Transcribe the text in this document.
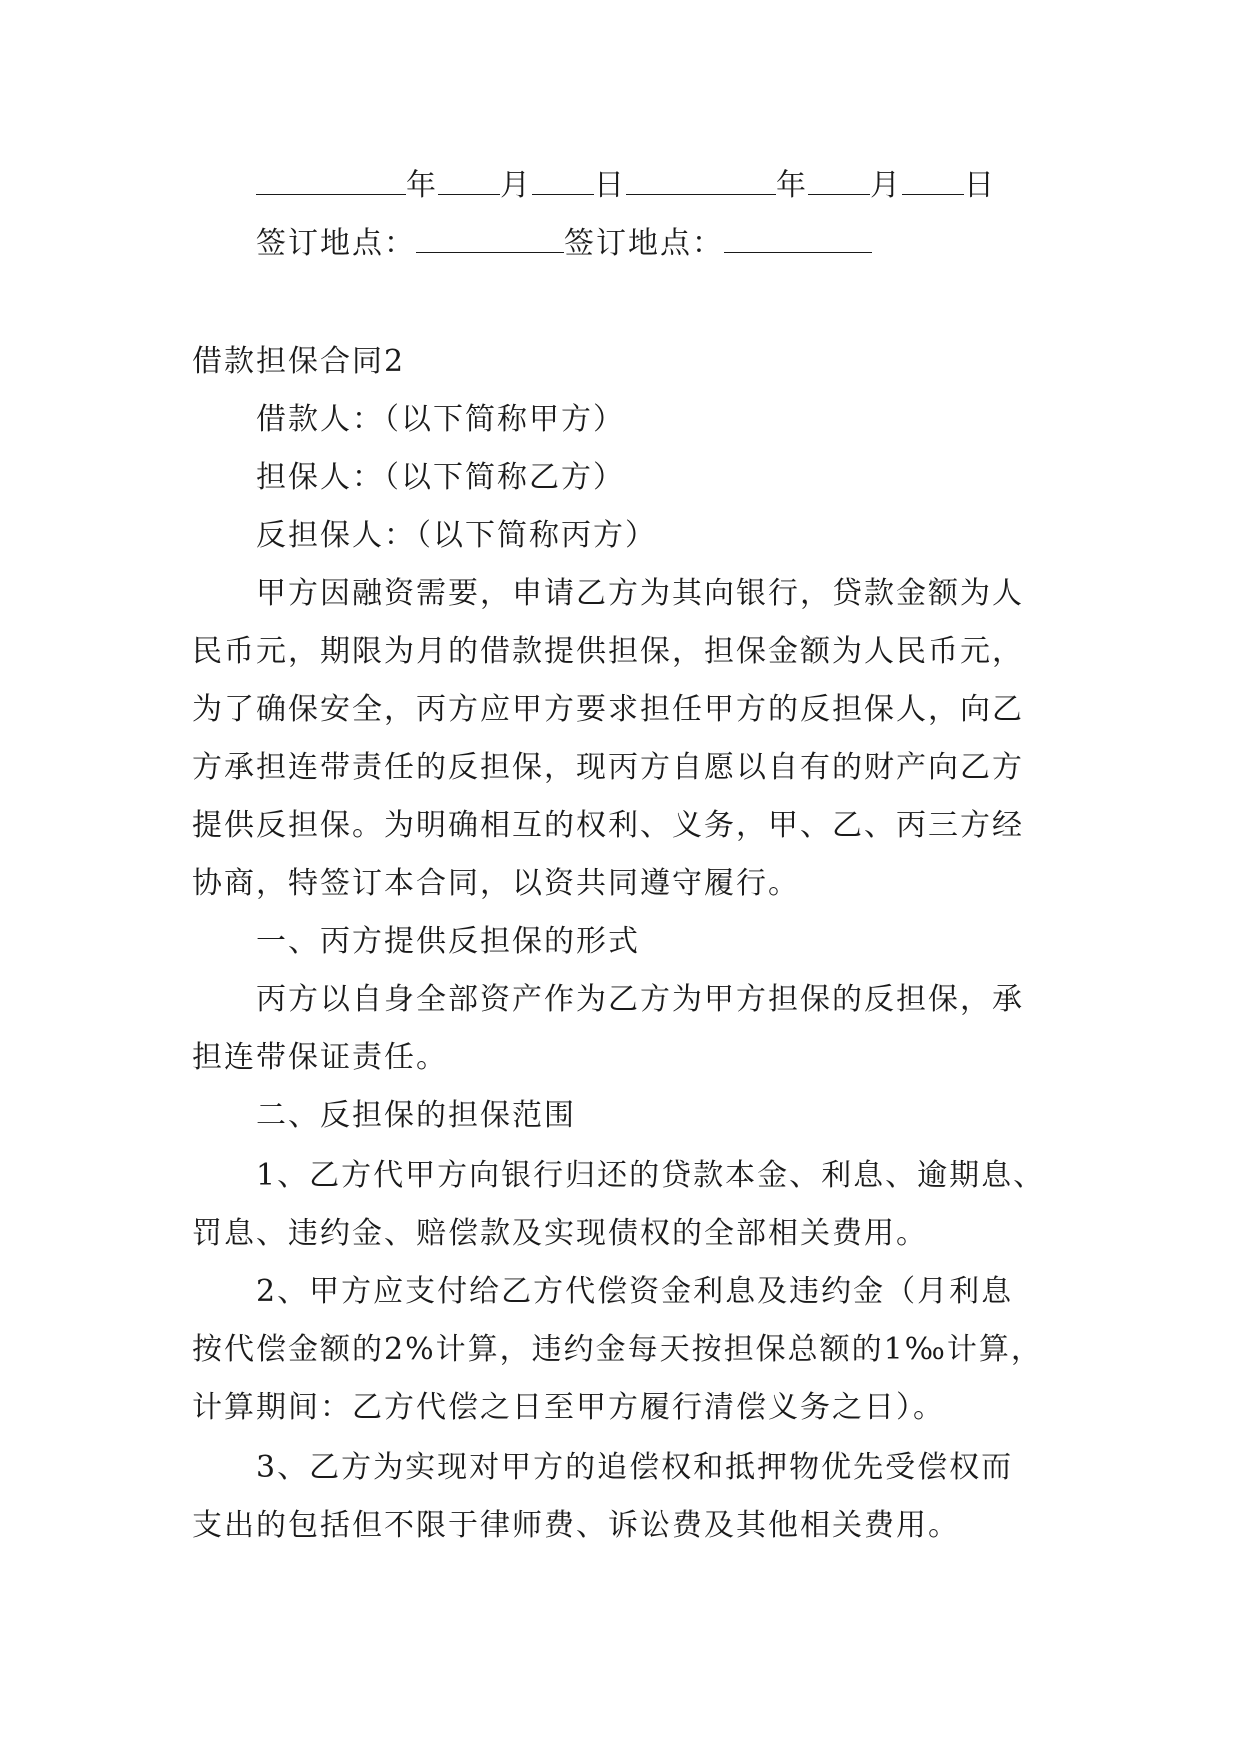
年 月 日	年 月 日
签订地点：	签订地点：
借款担保合同2
借款人：（以下简称甲方）
担保人：（以下简称乙方）
反担保人：（以下简称丙方）
甲方因融资需要，申请乙方为其向银行，贷款金额为人
民币元，期限为月的借款提供担保，担保金额为人民币元，
为了确保安全，丙方应甲方要求担任甲方的反担保人，向乙
方承担连带责任的反担保，现丙方自愿以自有的财产向乙方
提供反担保。为明确相互的权利、义务，甲、乙、丙三方经
协商，特签订本合同，以资共同遵守履行。
一、丙方提供反担保的形式
丙方以自身全部资产作为乙方为甲方担保的反担保，承
担连带保证责任。
二、反担保的担保范围
1、乙方代甲方向银行归还的贷款本金、利息、逾期息、
罚息、违约金、赔偿款及实现债权的全部相关费用。
2、甲方应支付给乙方代偿资金利息及违约金（月利息
按代偿金额的2%计算，违约金每天按担保总额的1‰计算，
计算期间：乙方代偿之日至甲方履行清偿义务之日）。
3、乙方为实现对甲方的追偿权和抵押物优先受偿权而
支出的包括但不限于律师费、诉讼费及其他相关费用。
